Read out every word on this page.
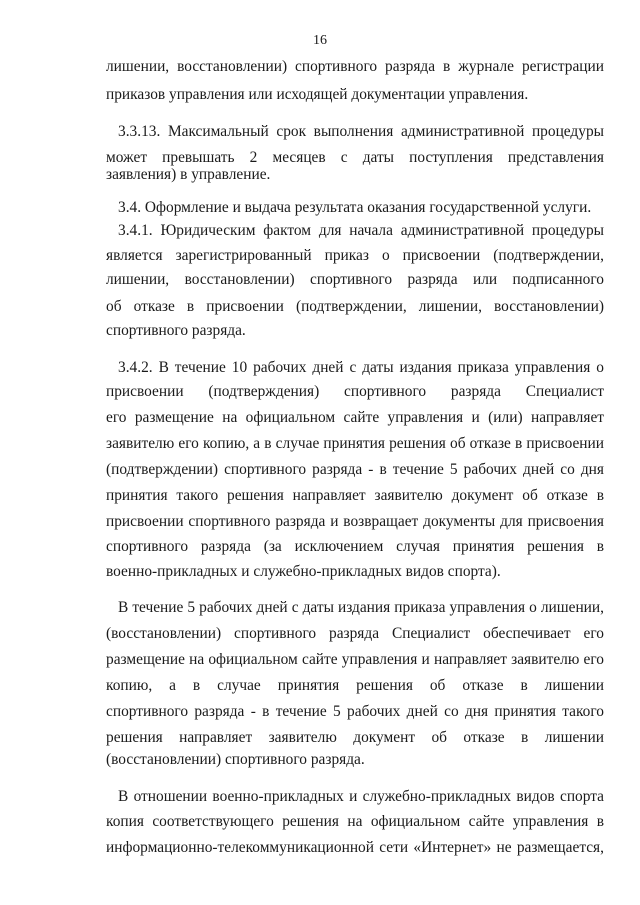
16
лишении, восстановлении) спортивного разряда в журнале регистрации
приказов управления или исходящей документации управления.
3.3.13. Максимальный срок выполнения административной процедуры
может превышать 2 месяцев с даты поступления представления
заявления) в управление.
3.4. Оформление и выдача результата оказания государственной услуги.
3.4.1. Юридическим фактом для начала административной процедуры
является зарегистрированный приказ о присвоении (подтверждении,
лишении, восстановлении) спортивного разряда или подписанного
об отказе в присвоении (подтверждении, лишении, восстановлении)
спортивного разряда.
3.4.2. В течение 10 рабочих дней с даты издания приказа управления о
присвоении (подтверждения) спортивного разряда Специалист
его размещение на официальном сайте управления и (или) направляет
заявителю его копию, а в случае принятия решения об отказе в присвоении
(подтверждении) спортивного разряда - в течение 5 рабочих дней со дня
принятия такого решения направляет заявителю документ об отказе в
присвоении спортивного разряда и возвращает документы для присвоения
спортивного разряда (за исключением случая принятия решения в
военно-прикладных и служебно-прикладных видов спорта).
В течение 5 рабочих дней с даты издания приказа управления о лишении,
(восстановлении) спортивного разряда Специалист обеспечивает его
размещение на официальном сайте управления и направляет заявителю его
копию, а в случае принятия решения об отказе в лишении
спортивного разряда - в течение 5 рабочих дней со дня принятия такого
решения направляет заявителю документ об отказе в лишении
(восстановлении) спортивного разряда.
В отношении военно-прикладных и служебно-прикладных видов спорта
копия соответствующего решения на официальном сайте управления в
информационно-телекоммуникационной сети «Интернет» не размещается,
